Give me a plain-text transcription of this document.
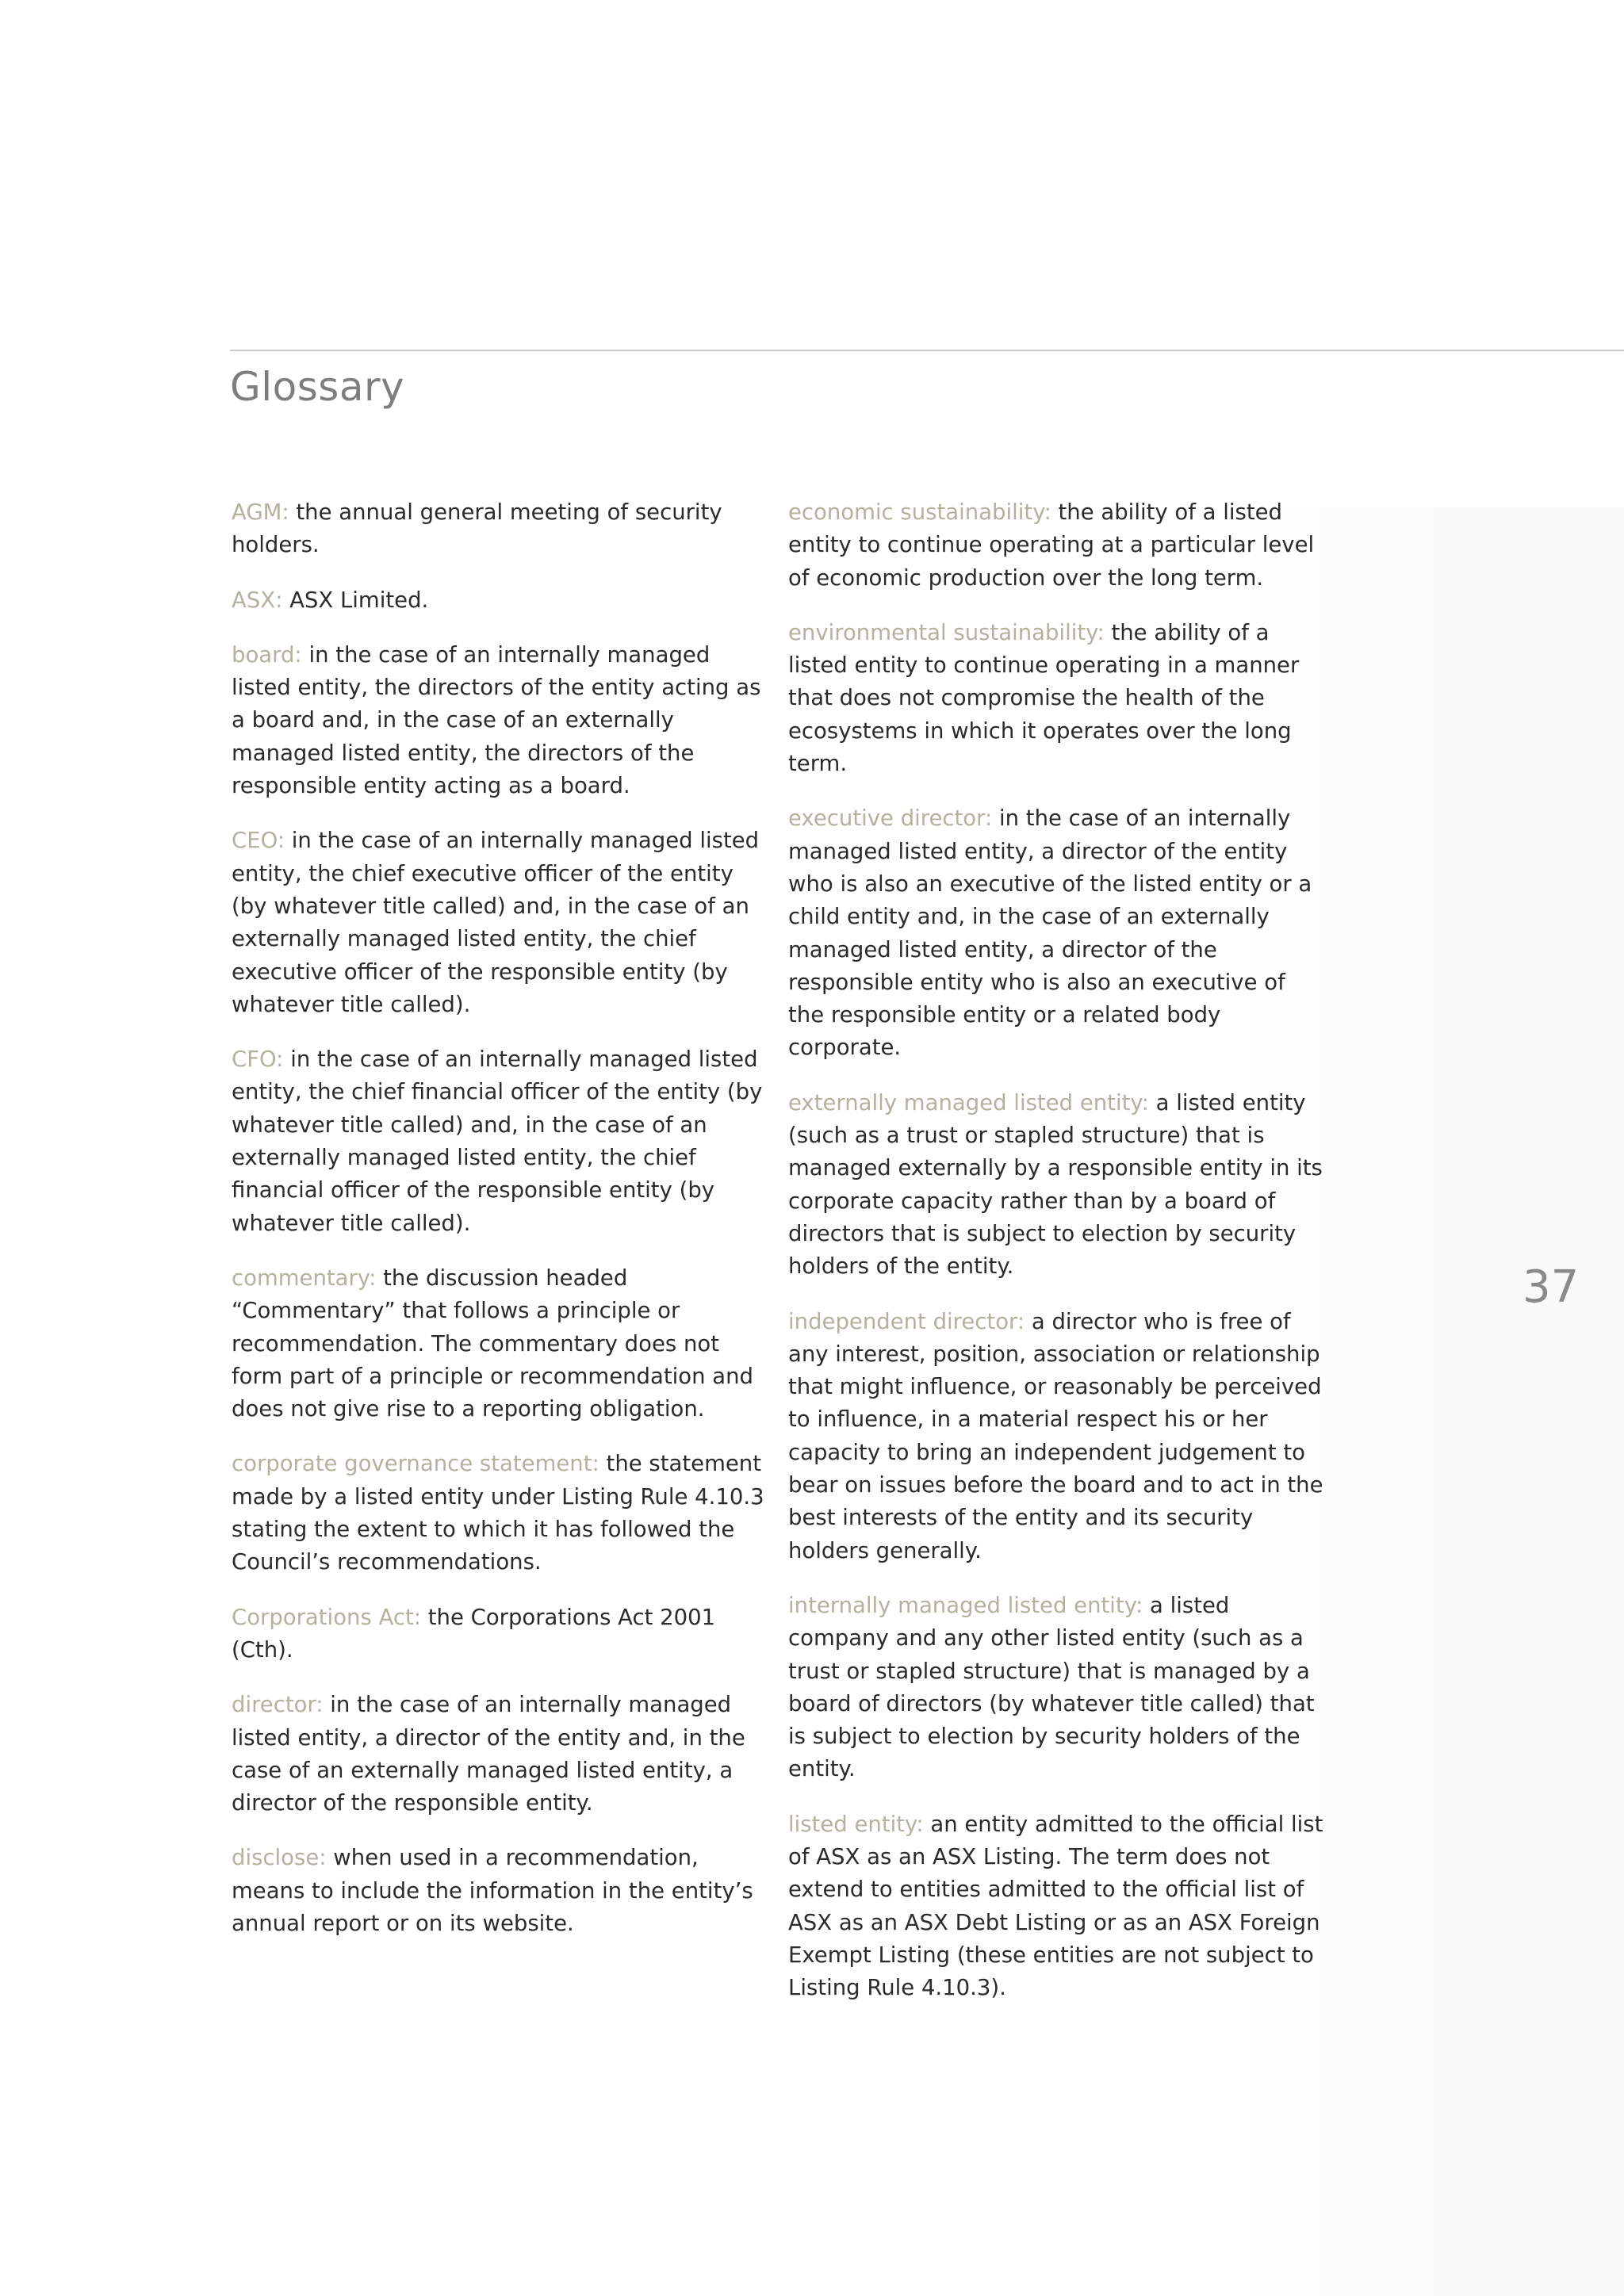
Glossary
37

AGM: the annual general meeting of security holders.

ASX: ASX Limited.

board: in the case of an internally managed listed entity, the directors of the entity acting as a board and, in the case of an externally managed listed entity, the directors of the responsible entity acting as a board.

CEO: in the case of an internally managed listed entity, the chief executive officer of the entity (by whatever title called) and, in the case of an externally managed listed entity, the chief executive officer of the responsible entity (by whatever title called).

CFO: in the case of an internally managed listed entity, the chief financial officer of the entity (by whatever title called) and, in the case of an externally managed listed entity, the chief financial officer of the responsible entity (by whatever title called).

commentary: the discussion headed “Commentary” that follows a principle or recommendation. The commentary does not form part of a principle or recommendation and does not give rise to a reporting obligation.

corporate governance statement: the statement made by a listed entity under Listing Rule 4.10.3 stating the extent to which it has followed the Council’s recommendations.

Corporations Act: the Corporations Act 2001 (Cth).

director: in the case of an internally managed listed entity, a director of the entity and, in the case of an externally managed listed entity, a director of the responsible entity.

disclose: when used in a recommendation, means to include the information in the entity’s annual report or on its website.

economic sustainability: the ability of a listed entity to continue operating at a particular level of economic production over the long term.

environmental sustainability: the ability of a listed entity to continue operating in a manner that does not compromise the health of the ecosystems in which it operates over the long term.

executive director: in the case of an internally managed listed entity, a director of the entity who is also an executive of the listed entity or a child entity and, in the case of an externally managed listed entity, a director of the responsible entity who is also an executive of the responsible entity or a related body corporate.

externally managed listed entity: a listed entity (such as a trust or stapled structure) that is managed externally by a responsible entity in its corporate capacity rather than by a board of directors that is subject to election by security holders of the entity.

independent director: a director who is free of any interest, position, association or relationship that might influence, or reasonably be perceived to influence, in a material respect his or her capacity to bring an independent judgement to bear on issues before the board and to act in the best interests of the entity and its security holders generally.

internally managed listed entity: a listed company and any other listed entity (such as a trust or stapled structure) that is managed by a board of directors (by whatever title called) that is subject to election by security holders of the entity.

listed entity: an entity admitted to the official list of ASX as an ASX Listing. The term does not extend to entities admitted to the official list of ASX as an ASX Debt Listing or as an ASX Foreign Exempt Listing (these entities are not subject to Listing Rule 4.10.3).
